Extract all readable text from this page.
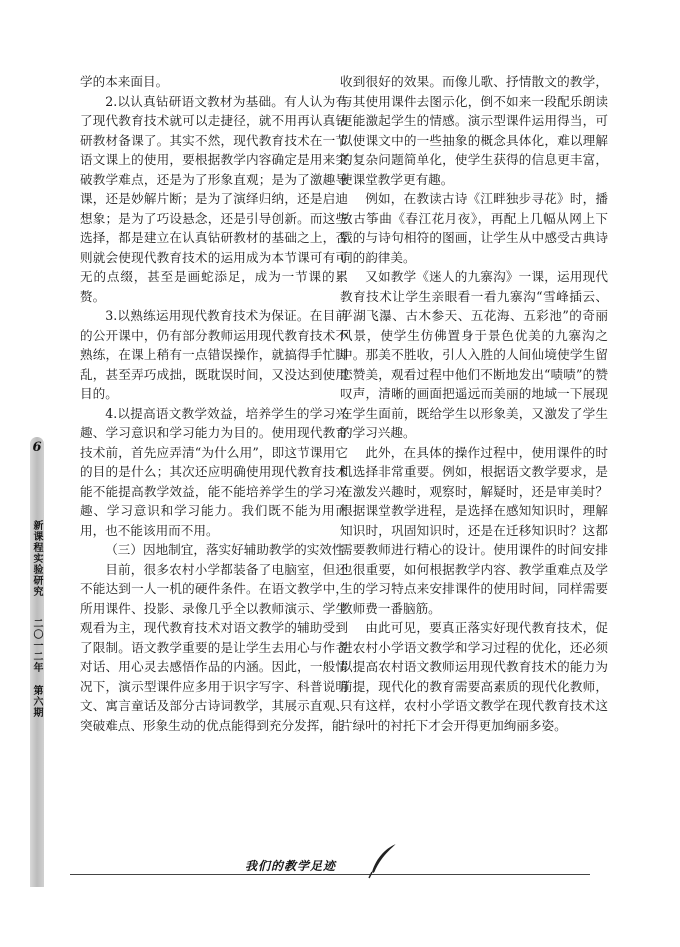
6
新课程实验研究
二〇一二年 第六期

学的本来面目。

2.以认真钻研语文教材为基础。有人认为有了现代教育技术就可以走捷径，就不用再认真钻研教材备课了。其实不然，现代教育技术在一节语文课上的使用，要根据教学内容确定是用来突破教学难点，还是为了形象直观；是为了激趣导课，还是妙解片断；是为了演绎归纳，还是启迪想象；是为了巧设悬念，还是引导创新。而这些选择，都是建立在认真钻研教材的基础之上，否则就会使现代教育技术的运用成为本节课可有可无的点缀，甚至是画蛇添足，成为一节课的累赘。

3.以熟练运用现代教育技术为保证。在目前的公开课中，仍有部分教师运用现代教育技术不熟练，在课上稍有一点错误操作，就搞得手忙脚乱，甚至弄巧成拙，既耽误时间，又没达到使用目的。

4.以提高语文教学效益，培养学生的学习兴趣、学习意识和学习能力为目的。使用现代教育技术前，首先应弄清“为什么用”，即这节课用它的目的是什么；其次还应明确使用现代教育技术能不能提高教学效益，能不能培养学生的学习兴趣、学习意识和学习能力。我们既不能为用而用，也不能该用而不用。

（三）因地制宜，落实好辅助教学的实效性

目前，很多农村小学都装备了电脑室，但还不能达到一人一机的硬件条件。在语文教学中，所用课件、投影、录像几乎全以教师演示、学生观看为主，现代教育技术对语文教学的辅助受到了限制。语文教学重要的是让学生去用心与作者对话、用心灵去感悟作品的内涵。因此，一般情况下，演示型课件应多用于识字写字、科普说明文、寓言童话及部分古诗词教学，其展示直观、突破难点、形象生动的优点能得到充分发挥，能

收到很好的效果。而像儿歌、抒情散文的教学，与其使用课件去图示化，倒不如来一段配乐朗读更能激起学生的情感。演示型课件运用得当，可以使课文中的一些抽象的概念具体化，难以理解的复杂问题简单化，使学生获得的信息更丰富，使课堂教学更有趣。

例如，在教读古诗《江畔独步寻花》时，播放古筝曲《春江花月夜》，再配上几幅从网上下载的与诗句相符的图画，让学生从中感受古典诗词的韵律美。

又如教学《迷人的九寨沟》一课，运用现代教育技术让学生亲眼看一看九寨沟“雪峰插云、平湖飞瀑、古木参天、五花海、五彩池”的奇丽风景，使学生仿佛置身于景色优美的九寨沟之中。那美不胜收，引人入胜的人间仙境使学生留恋赞美，观看过程中他们不断地发出“啧啧”的赞叹声，清晰的画面把遥远而美丽的地域一下展现在学生面前，既给学生以形象美，又激发了学生的学习兴趣。

此外，在具体的操作过程中，使用课件的时机选择非常重要。例如，根据语文教学要求，是在激发兴趣时，观察时，解疑时，还是审美时？根据课堂教学进程，是选择在感知知识时，理解知识时，巩固知识时，还是在迁移知识时？这都需要教师进行精心的设计。使用课件的时间安排也很重要，如何根据教学内容、教学重难点及学生的学习特点来安排课件的使用时间，同样需要教师费一番脑筋。

由此可见，要真正落实好现代教育技术，促进农村小学语文教学和学习过程的优化，还必须以提高农村语文教师运用现代教育技术的能力为前提，现代化的教育需要高素质的现代化教师，只有这样，农村小学语文教学在现代教育技术这片绿叶的衬托下才会开得更加绚丽多姿。

我们的教学足迹
